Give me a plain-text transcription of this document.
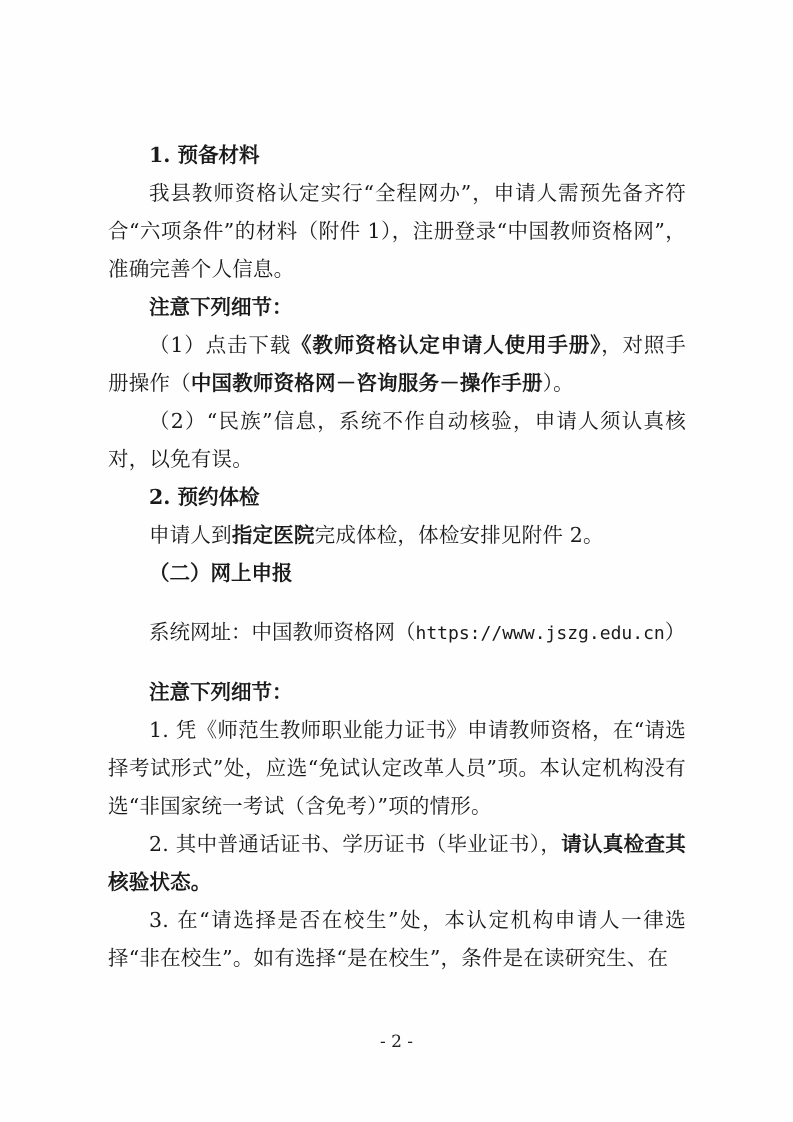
1. 预备材料

我县教师资格认定实行“全程网办”，申请人需预先备齐符合“六项条件”的材料（附件 1），注册登录“中国教师资格网”，准确完善个人信息。

注意下列细节：

（1）点击下载《教师资格认定申请人使用手册》，对照手册操作（中国教师资格网－咨询服务－操作手册）。

（2）“民族”信息，系统不作自动核验，申请人须认真核对，以免有误。

2. 预约体检

申请人到指定医院完成体检，体检安排见附件 2。

（二）网上申报

系统网址：中国教师资格网（https://www.jszg.edu.cn）

注意下列细节：

1. 凭《师范生教师职业能力证书》申请教师资格，在“请选择考试形式”处，应选“免试认定改革人员”项。本认定机构没有选“非国家统一考试（含免考）”项的情形。

2. 其中普通话证书、学历证书（毕业证书），请认真检查其核验状态。

3. 在“请选择是否在校生”处，本认定机构申请人一律选择“非在校生”。如有选择“是在校生”，条件是在读研究生、在

- 2 -
